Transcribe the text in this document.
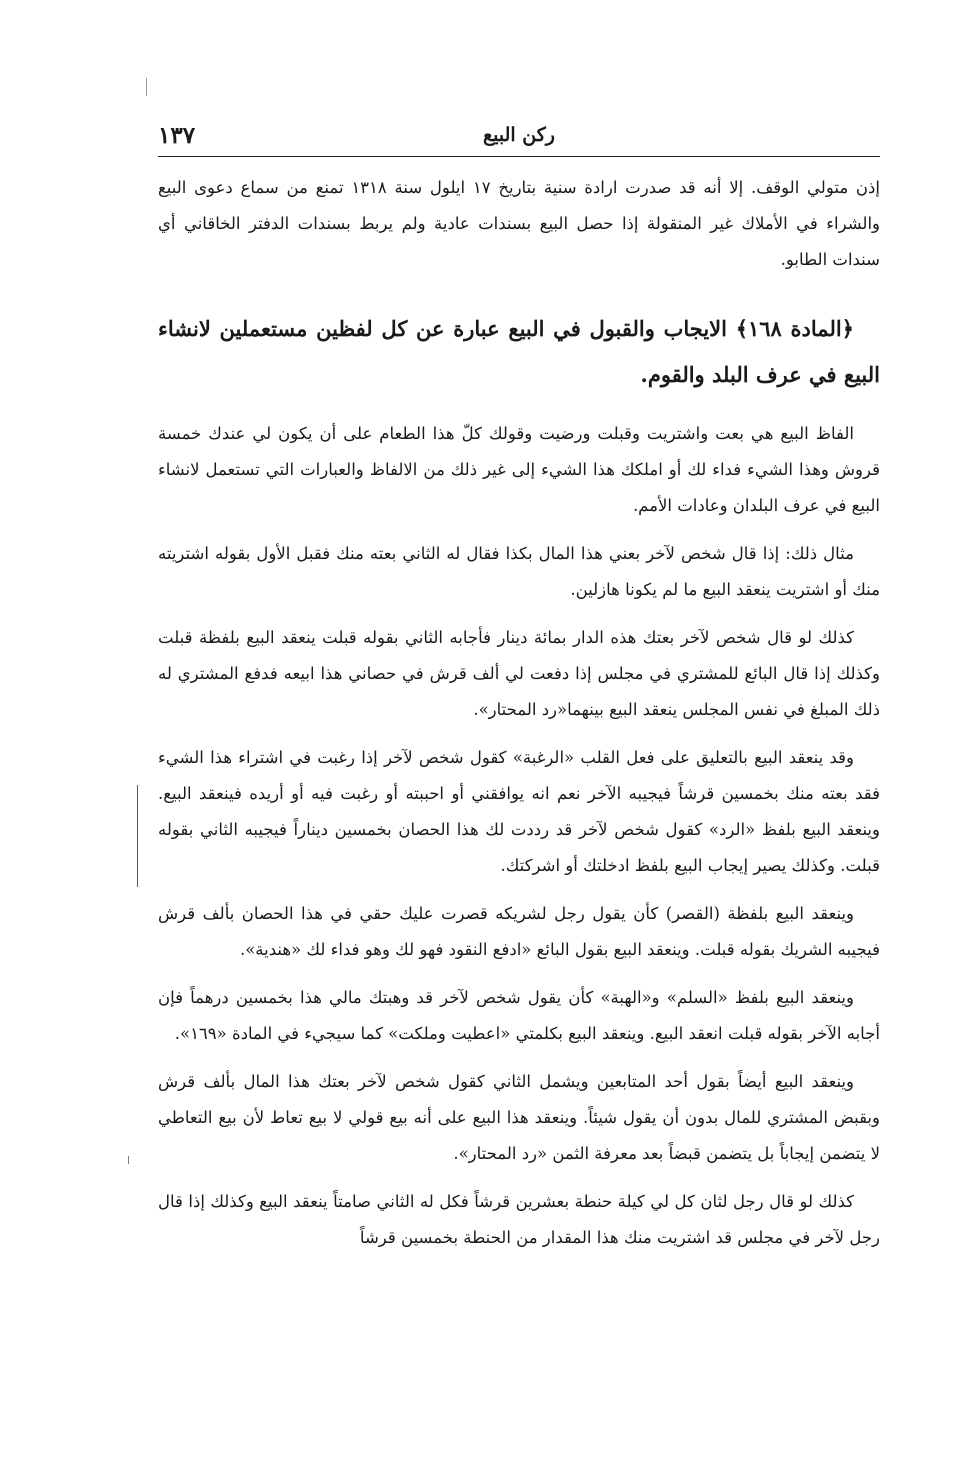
١٣٧	ركن البيع

إذن متولي الوقف. إلا أنه قد صدرت ارادة سنية بتاريخ ١٧ ايلول سنة ١٣١٨ تمنع من سماع دعوى البيع والشراء في الأملاك غير المنقولة إذا حصل البيع بسندات عادية ولم يربط بسندات الدفتر الخاقاني أي سندات الطابو.

﴿المادة ١٦٨﴾ الايجاب والقبول في البيع عبارة عن كل لفظين مستعملين لانشاء البيع في عرف البلد والقوم.

الفاظ البيع هي بعت واشتريت وقبلت ورضيت وقولك كلّ هذا الطعام على أن يكون لي عندك خمسة قروش وهذا الشيء فداء لك أو املكك هذا الشيء إلى غير ذلك من الالفاظ والعبارات التي تستعمل لانشاء البيع في عرف البلدان وعادات الأمم.

مثال ذلك: إذا قال شخص لآخر بعني هذا المال بكذا فقال له الثاني بعته منك فقبل الأول بقوله اشتريته منك أو اشتريت ينعقد البيع ما لم يكونا هازلين.

كذلك لو قال شخص لآخر بعتك هذه الدار بمائة دينار فأجابه الثاني بقوله قبلت ينعقد البيع بلفظة قبلت وكذلك إذا قال البائع للمشتري في مجلس إذا دفعت لي ألف قرش في حصاني هذا ابيعه فدفع المشتري له ذلك المبلغ في نفس المجلس ينعقد البيع بينهما«رد المحتار».

وقد ينعقد البيع بالتعليق على فعل القلب «الرغبة» كقول شخص لآخر إذا رغبت في اشتراء هذا الشيء فقد بعته منك بخمسين قرشاً فيجيبه الآخر نعم انه يوافقني أو احببته أو رغبت فيه أو أريده فينعقد البيع. وينعقد البيع بلفظ «الرد» كقول شخص لآخر قد رددت لك هذا الحصان بخمسين ديناراً فيجيبه الثاني بقوله قبلت. وكذلك يصير إيجاب البيع بلفظ ادخلتك أو اشركتك.

وينعقد البيع بلفظة (القصر) كأن يقول رجل لشريكه قصرت عليك حقي في هذا الحصان بألف قرش فيجيبه الشريك بقوله قبلت. وينعقد البيع بقول البائع «ادفع النقود فهو لك وهو فداء لك «هندية».

وينعقد البيع بلفظ «السلم» و«الهبة» كأن يقول شخص لآخر قد وهبتك مالي هذا بخمسين درهماً فإن أجابه الآخر بقوله قبلت انعقد البيع. وينعقد البيع بكلمتي «اعطيت وملكت» كما سيجيء في المادة «١٦٩».

وينعقد البيع أيضاً بقول أحد المتابعين ويشمل الثاني كقول شخص لآخر بعتك هذا المال بألف قرش وبقبض المشتري للمال بدون أن يقول شيئاً. وينعقد هذا البيع على أنه بيع قولي لا بيع تعاط لأن بيع التعاطي لا يتضمن إيجاباً بل يتضمن قبضاً بعد معرفة الثمن «رد المحتار».

كذلك لو قال رجل لثان كل لي كيلة حنطة بعشرين قرشاً فكل له الثاني صامتاً ينعقد البيع وكذلك إذا قال رجل لآخر في مجلس قد اشتريت منك هذا المقدار من الحنطة بخمسين قرشاً
